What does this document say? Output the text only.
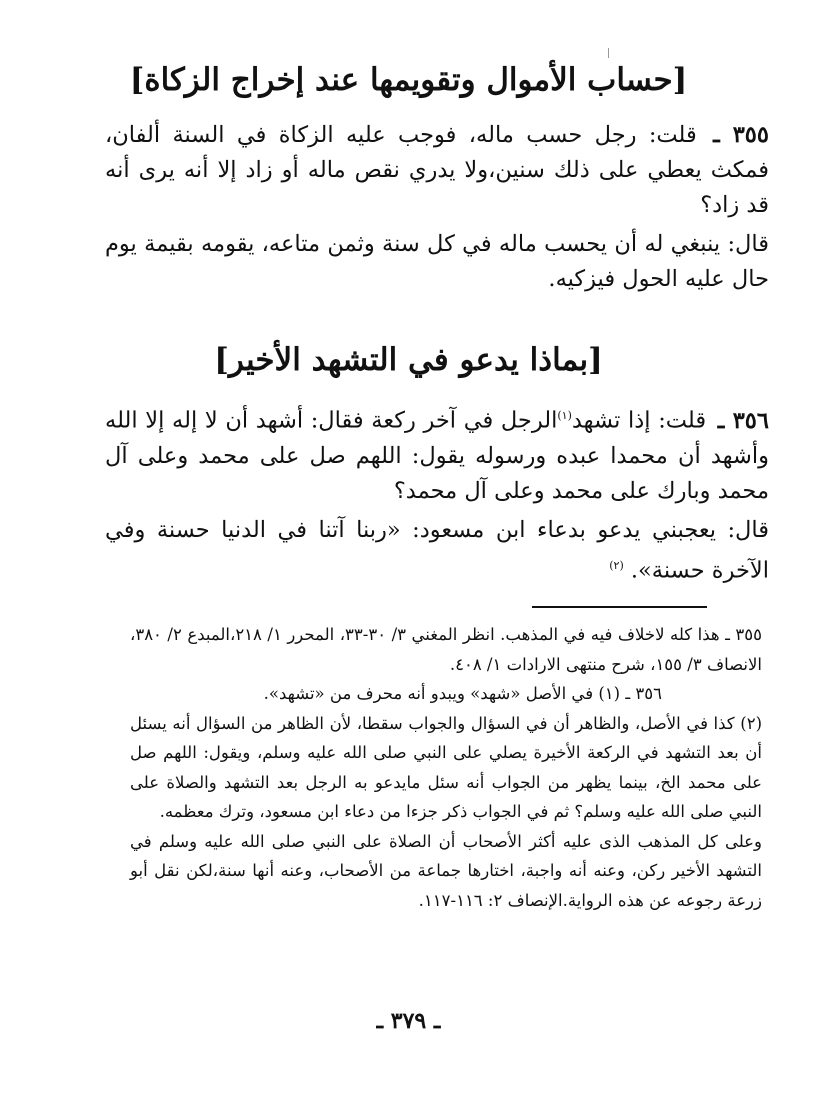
[حساب الأموال وتقويمها عند إخراج الزكاة]
٣٥٥ ـ قلت: رجل حسب ماله، فوجب عليه الزكاة في السنة ألفان، فمكث يعطي على ذلك سنين،ولا يدري نقص ماله أو زاد إلا أنه يرى أنه قد زاد؟
قال: ينبغي له أن يحسب ماله في كل سنة وثمن متاعه، يقومه بقيمة يوم حال عليه الحول فيزكيه.
[بماذا يدعو في التشهد الأخير]
٣٥٦ ـ قلت: إذا تشهد$^{(١)}$الرجل في آخر ركعة فقال: أشهد أن لا إله إلا الله وأشهد أن محمدا عبده ورسوله يقول: اللهم صل على محمد وعلى آل محمد وبارك على محمد وعلى آل محمد؟
قال: يعجبني يدعو بدعاء ابن مسعود: «ربنا آتنا في الدنيا حسنة وفي الآخرة حسنة». $^{(٢)}$
٣٥٥ ـ هذا كله لاخلاف فيه في المذهب. انظر المغني ٣/ ٣٠-٣٣، المحرر ١/ ٢١٨،المبدع ٢/ ٣٨٠، الانصاف ٣/ ١٥٥، شرح منتهى الارادات ١/ ٤٠٨.
٣٥٦ ـ (١) في الأصل «شهد» ويبدو أنه محرف من «تشهد».
(٢) كذا في الأصل، والظاهر أن في السؤال والجواب سقطا، لأن الظاهر من السؤال أنه يسئل أن بعد التشهد في الركعة الأخيرة يصلي على النبي صلى الله عليه وسلم، ويقول: اللهم صل على محمد الخ، بينما يظهر من الجواب أنه سئل مايدعو به الرجل بعد التشهد والصلاة على النبي صلى الله عليه وسلم؟ ثم في الجواب ذكر جزءا من دعاء ابن مسعود، وترك معظمه.
وعلى كل المذهب الذى عليه أكثر الأصحاب أن الصلاة على النبي صلى الله عليه وسلم في التشهد الأخير ركن، وعنه أنه واجبة، اختارها جماعة من الأصحاب، وعنه أنها سنة،لكن نقل أبو زرعة رجوعه عن هذه الرواية.الإنصاف ٢: ١١٦-١١٧.
ـ ٣٧٩ ـ
